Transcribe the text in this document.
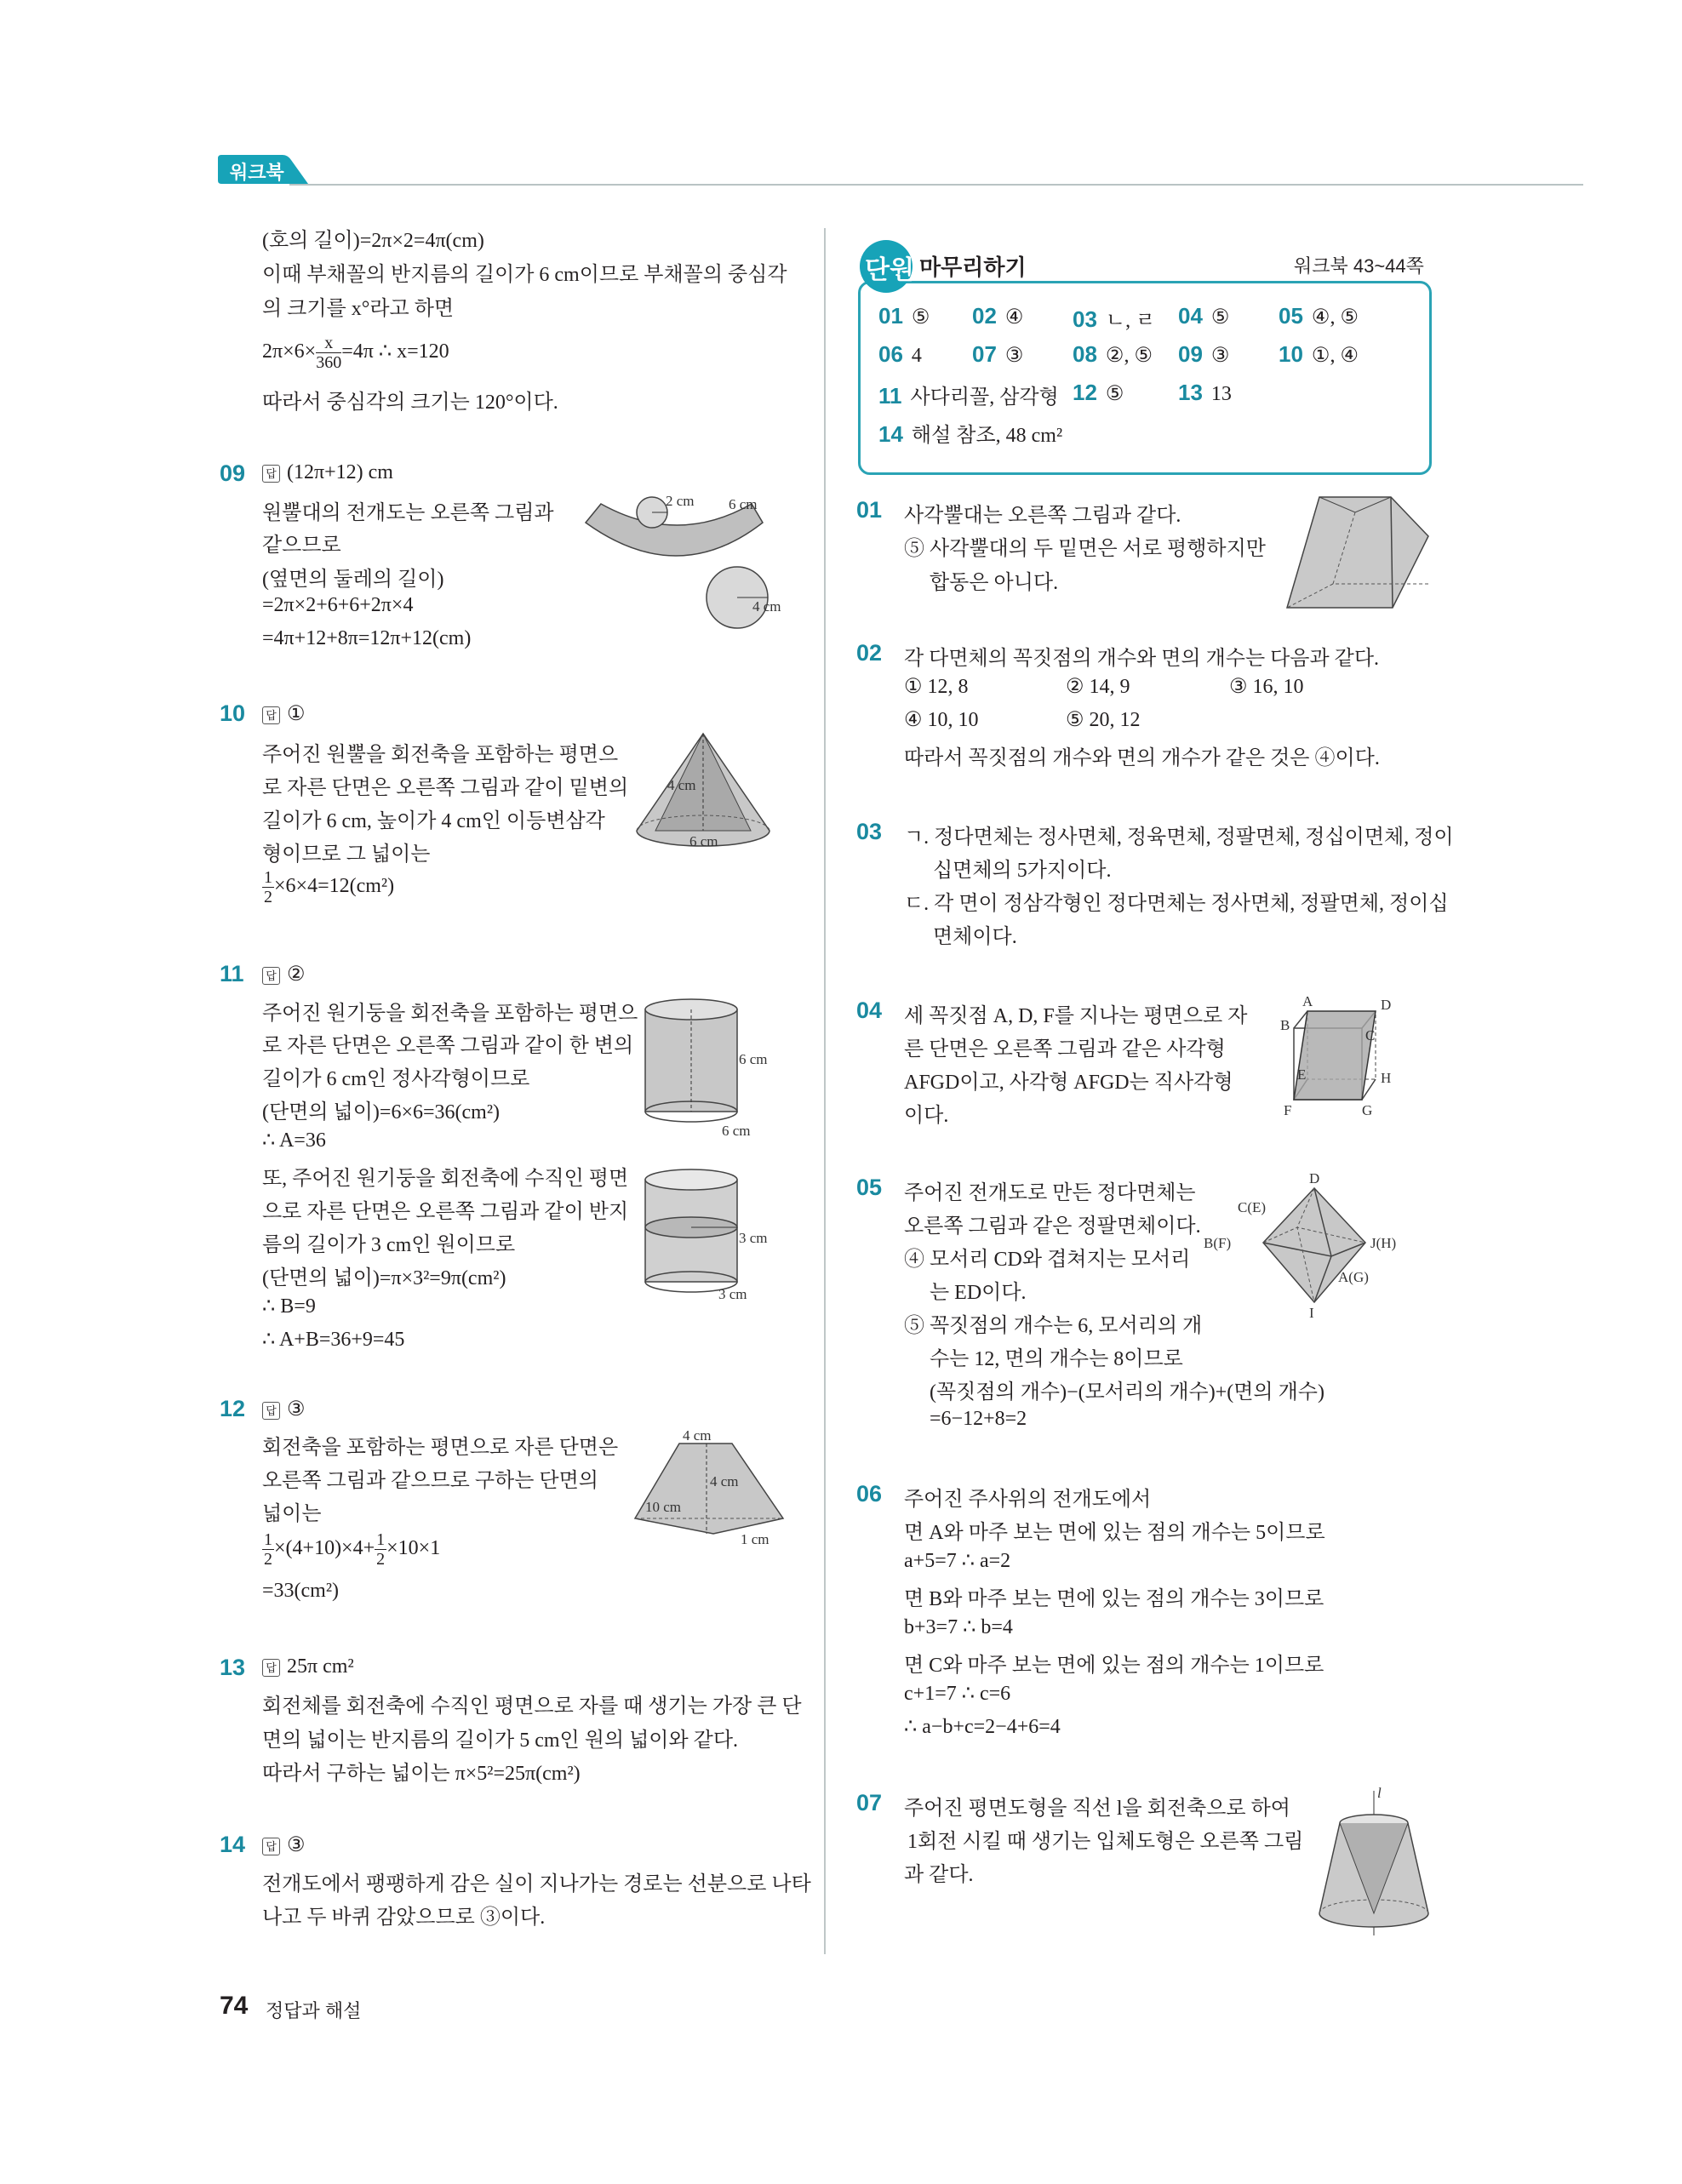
워크북
(호의 길이)=2π×2=4π(cm)
이때 부채꼴의 반지름의 길이가 6 cm이므로 부채꼴의 중심각
의 크기를 x°라고 하면
$2\pi\times 6\times \frac{x}{360} =4\pi$ ∴ x=120
따라서 중심각의 크기는 120°이다.
09	답 (12π+12) cm
원뿔대의 전개도는 오른쪽 그림과
같으므로
(옆면의 둘레의 길이)
=2π×2+6+6+2π×4
=4π+12+8π=12π+12(cm)
2 cm 6 cm
4 cm
10	답 ①
주어진 원뿔을 회전축을 포함하는 평면으
로 자른 단면은 오른쪽 그림과 같이 밑변의
길이가 6 cm, 높이가 4 cm인 이등변삼각
형이므로 그 넓이는
$\frac{1}{2} \times 6\times 4=12(cm^2)$
4 cm
6 cm
11	답 ②
주어진 원기둥을 회전축을 포함하는 평면으
로 자른 단면은 오른쪽 그림과 같이 한 변의
길이가 6 cm인 정사각형이므로
(단면의 넓이)=6×6=36(cm²)
∴ A=36
또, 주어진 원기둥을 회전축에 수직인 평면
으로 자른 단면은 오른쪽 그림과 같이 반지
름의 길이가 3 cm인 원이므로
(단면의 넓이)=π×3²=9π(cm²)
∴ B=9
∴ A+B=36+9=45
6 cm
6 cm
3 cm
3 cm
12	답 ③
회전축을 포함하는 평면으로 자른 단면은
오른쪽 그림과 같으므로 구하는 단면의
넓이는
$\frac{1}{2} \times(4+10)\times 4+ \frac{1}{2} \times 10\times 1$
=33(cm²)
4 cm
4 cm
10 cm
1 cm
13	답 25π cm²
회전체를 회전축에 수직인 평면으로 자를 때 생기는 가장 큰 단
면의 넓이는 반지름의 길이가 5 cm인 원의 넓이와 같다.
따라서 구하는 넓이는 π×5²=25π(cm²)
14	답 ③
전개도에서 팽팽하게 감은 실이 지나가는 경로는 선분으로 나타
나고 두 바퀴 감았으므로 ③이다.
단원 마무리하기	워크북 43~44쪽
01 ⑤ 02 ④ 03 ㄴ, ㄹ 04 ⑤ 05 ④, ⑤
06 4 07 ③ 08 ②, ⑤ 09 ③ 10 ①, ④
11 사다리꼴, 삼각형 12 ⑤ 13 13
14 해설 참조, 48 cm²
01 사각뿔대는 오른쪽 그림과 같다.
⑤ 사각뿔대의 두 밑면은 서로 평행하지만
합동은 아니다.
02 각 다면체의 꼭짓점의 개수와 면의 개수는 다음과 같다.
① 12, 8	② 14, 9	③ 16, 10
④ 10, 10	⑤ 20, 12
따라서 꼭짓점의 개수와 면의 개수가 같은 것은 ④이다.
03 ㄱ. 정다면체는 정사면체, 정육면체, 정팔면체, 정십이면체, 정이
십면체의 5가지이다.
ㄷ. 각 면이 정삼각형인 정다면체는 정사면체, 정팔면체, 정이십
면체이다.
04 세 꼭짓점 A, D, F를 지나는 평면으로 자
른 단면은 오른쪽 그림과 같은 사각형
AFGD이고, 사각형 AFGD는 직사각형
이다.
A	D
B
C
E	H
F	G
05 주어진 전개도로 만든 정다면체는
오른쪽 그림과 같은 정팔면체이다.
④ 모서리 CD와 겹쳐지는 모서리
는 ED이다.
⑤ 꼭짓점의 개수는 6, 모서리의 개
수는 12, 면의 개수는 8이므로
(꼭짓점의 개수)−(모서리의 개수)+(면의 개수)
=6−12+8=2
D
C(E)
B(F)	J(H)
A(G)
I
06 주어진 주사위의 전개도에서
면 A와 마주 보는 면에 있는 점의 개수는 5이므로
a+5=7 ∴ a=2
면 B와 마주 보는 면에 있는 점의 개수는 3이므로
b+3=7 ∴ b=4
면 C와 마주 보는 면에 있는 점의 개수는 1이므로
c+1=7 ∴ c=6
∴ a−b+c=2−4+6=4
07 주어진 평면도형을 직선 l을 회전축으로 하여
1회전 시킬 때 생기는 입체도형은 오른쪽 그림
과 같다.
l
74 정답과 해설
